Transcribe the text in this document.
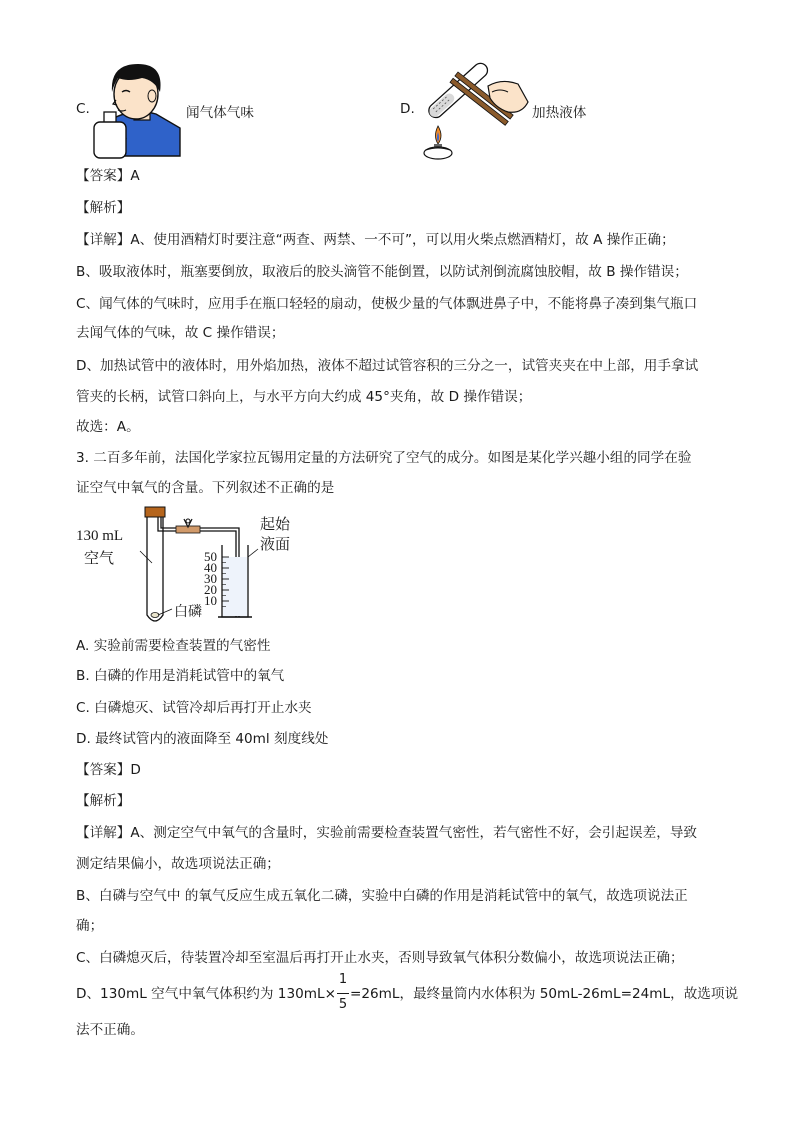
C.	闻气体气味	D.	加热液体
【答案】A
【解析】
【详解】A、使用酒精灯时要注意“两查、两禁、一不可”，可以用火柴点燃酒精灯，故 A 操作正确；
B、吸取液体时，瓶塞要倒放，取液后的胶头滴管不能倒置，以防试剂倒流腐蚀胶帽，故 B 操作错误；
C、闻气体的气味时，应用手在瓶口轻轻的扇动，使极少量的气体飘进鼻子中，不能将鼻子凑到集气瓶口
去闻气体的气味，故 C 操作错误；
D、加热试管中的液体时，用外焰加热，液体不超过试管容积的三分之一，试管夹夹在中上部，用手拿试
管夹的长柄，试管口斜向上，与水平方向大约成 45°夹角，故 D 操作错误；
故选：A。
3. 二百多年前，法国化学家拉瓦锡用定量的方法研究了空气的成分。如图是某化学兴趣小组的同学在验
证空气中氧气的含量。下列叙述不正确的是
130 mL
空气
白磷
起始
液面
50
40
30
20
10
A. 实验前需要检查装置的气密性
B. 白磷的作用是消耗试管中的氧气
C. 白磷熄灭、试管冷却后再打开止水夹
D. 最终试管内的液面降至 40ml 刻度线处
【答案】D
【解析】
【详解】A、测定空气中氧气的含量时，实验前需要检查装置气密性，若气密性不好，会引起误差，导致
测定结果偏小，故选项说法正确；
B、白磷与空气中 的氧气反应生成五氧化二磷，实验中白磷的作用是消耗试管中的氧气，故选项说法正
确；
C、白磷熄灭后，待装置冷却至室温后再打开止水夹，否则导致氧气体积分数偏小，故选项说法正确；
D、130mL 空气中氧气体积约为 $130mL\times \frac{1}{5} =26mL$，最终量筒内水体积为 50mL-26mL=24mL，故选项说
法不正确。
